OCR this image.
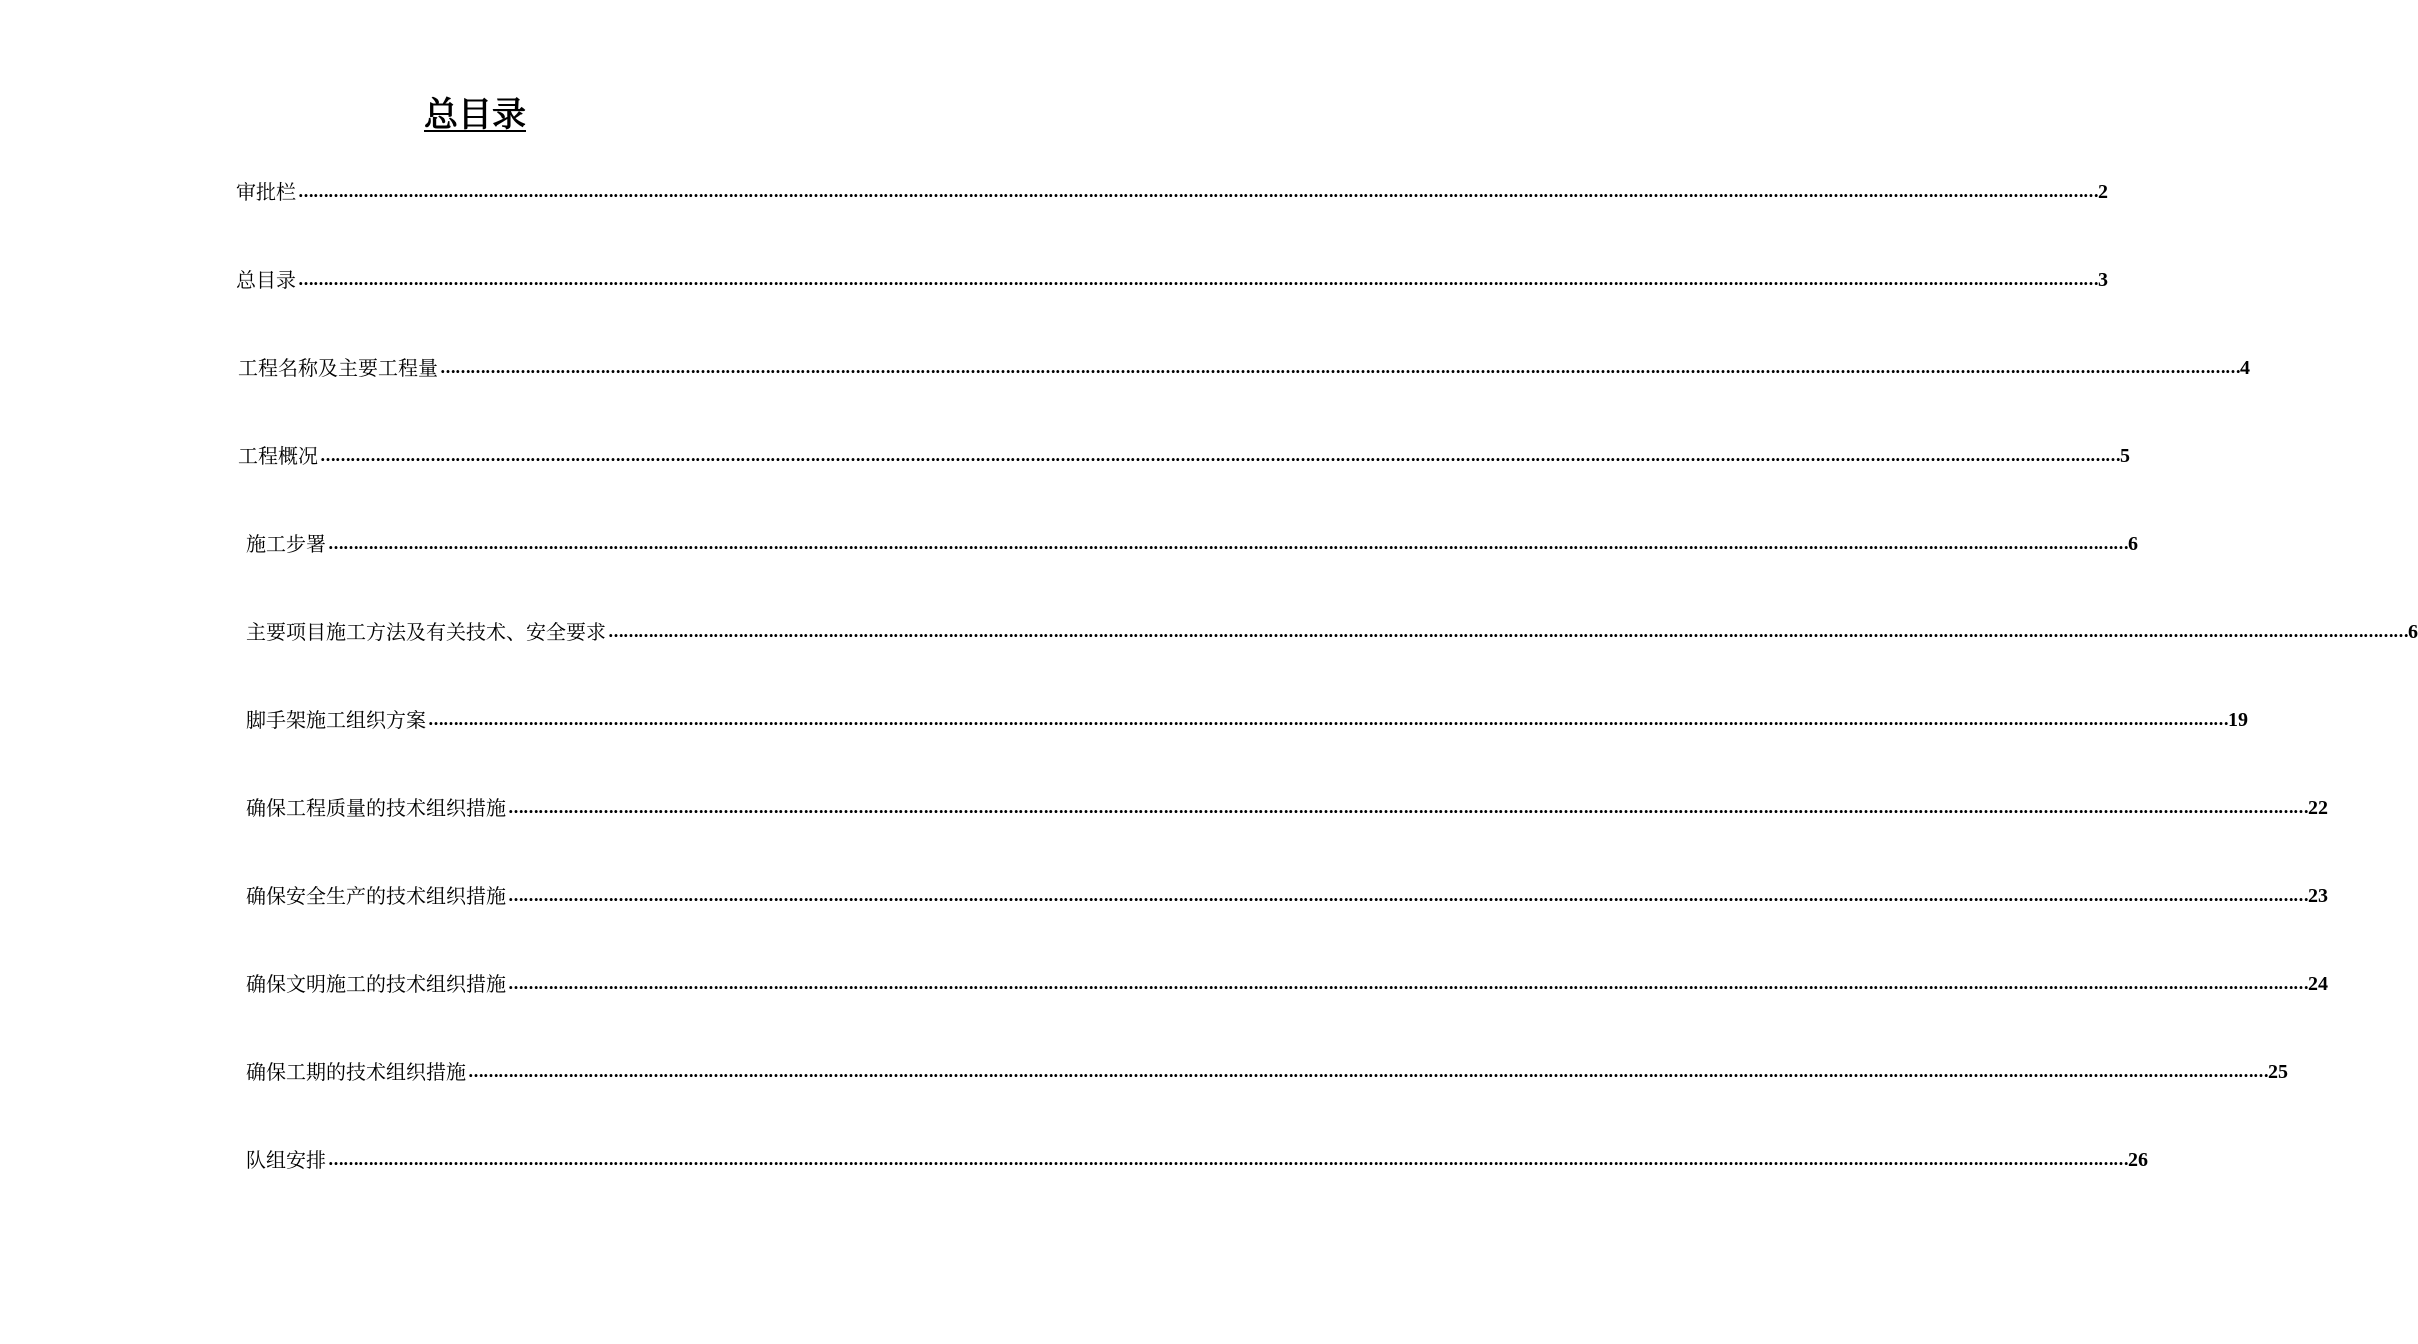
总目录
审批栏 ……………………………………………………………………………………………………………………………………………………………………………………………………………………………………………………………………………………………………………………………… 2
总目录 ……………………………………………………………………………………………………………………………………………………………………………………………………………………………………………………………………………………………………………………………… 3
工程名称及主要工程量 ……………………………………………………………………………………………………………………………………………………………………………………………………………………………………………………………………………………………………………………………… 4
工程概况 ……………………………………………………………………………………………………………………………………………………………………………………………………………………………………………………………………………………………………………………………… 5
施工步署 ……………………………………………………………………………………………………………………………………………………………………………………………………………………………………………………………………………………………………………………………… 6
主要项目施工方法及有关技术、安全要求 ……………………………………………………………………………………………………………………………………………………………………………………………………………………………………………………………………………………………………………………………… 6
脚手架施工组织方案 ……………………………………………………………………………………………………………………………………………………………………………………………………………………………………………………………………………………………………………………………… 19
确保工程质量的技术组织措施 ……………………………………………………………………………………………………………………………………………………………………………………………………………………………………………………………………………………………………………………………… 22
确保安全生产的技术组织措施 ……………………………………………………………………………………………………………………………………………………………………………………………………………………………………………………………………………………………………………………………… 23
确保文明施工的技术组织措施 ……………………………………………………………………………………………………………………………………………………………………………………………………………………………………………………………………………………………………………………………… 24
确保工期的技术组织措施 ……………………………………………………………………………………………………………………………………………………………………………………………………………………………………………………………………………………………………………………………… 25
队组安排 ……………………………………………………………………………………………………………………………………………………………………………………………………………………………………………………………………………………………………………………………… 26
